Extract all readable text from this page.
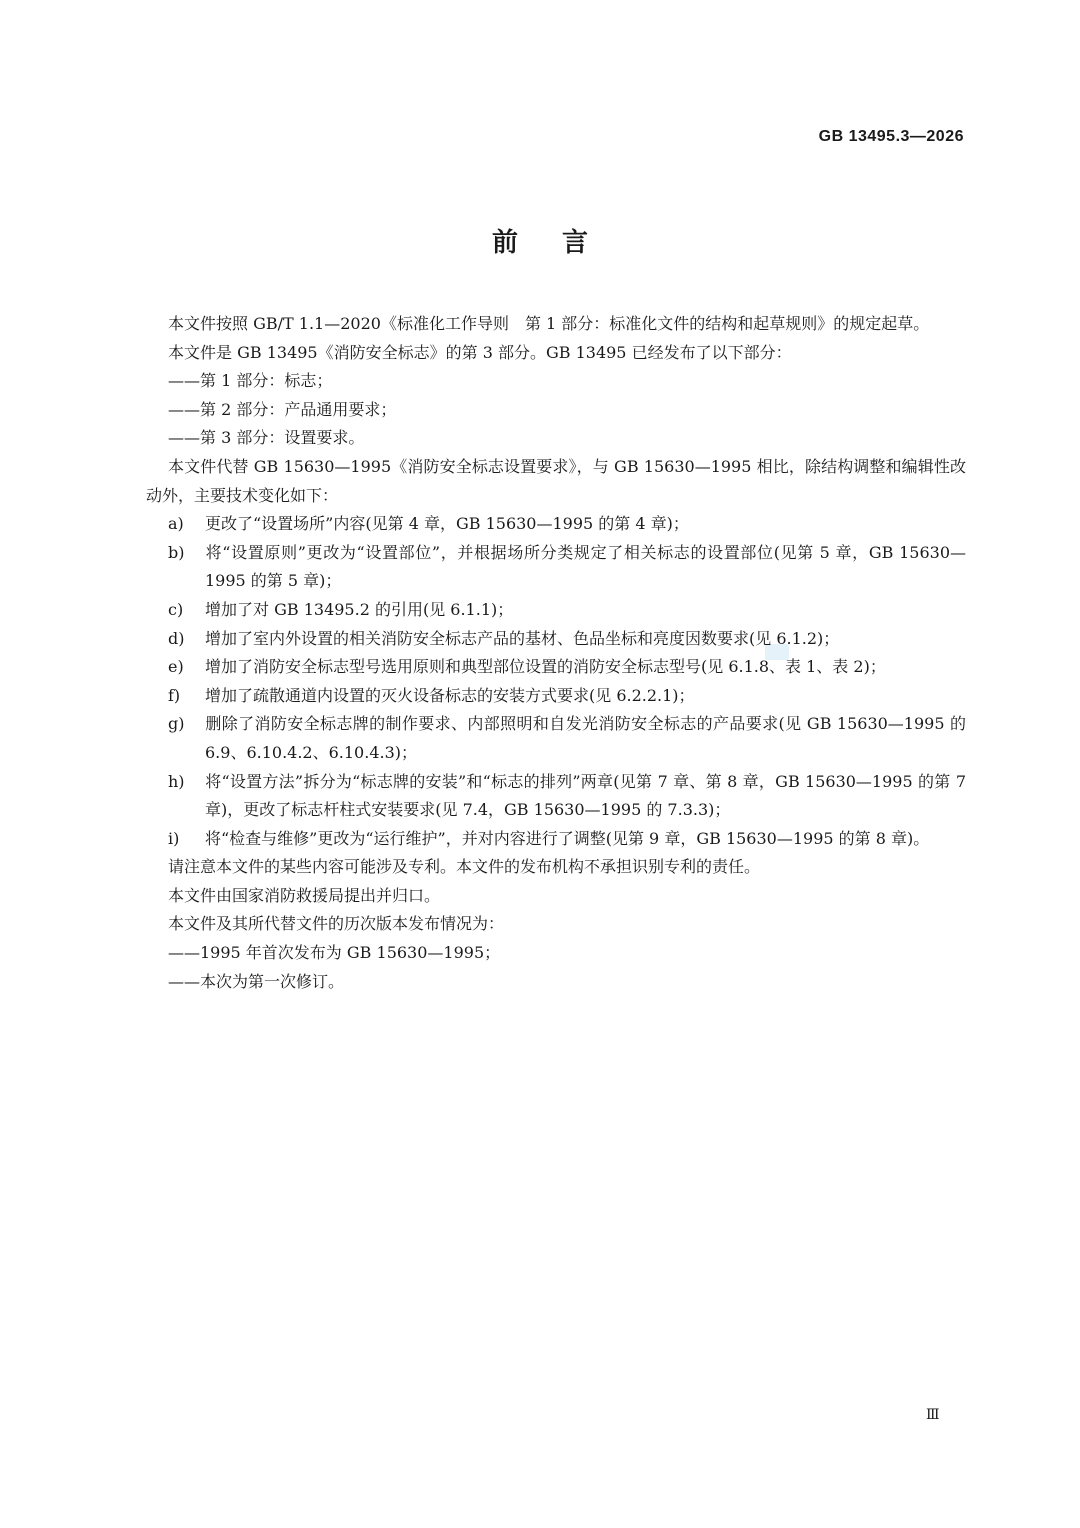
GB 13495.3—2026
前言

本文件按照 GB/T 1.1—2020《标准化工作导则　第 1 部分：标准化文件的结构和起草规则》的规定起草。

本文件是 GB 13495《消防安全标志》的第 3 部分。GB 13495 已经发布了以下部分：

——第 1 部分：标志；

——第 2 部分：产品通用要求；

——第 3 部分：设置要求。

本文件代替 GB 15630—1995《消防安全标志设置要求》，与 GB 15630—1995 相比，除结构调整和编辑性改动外，主要技术变化如下：

a) 更改了“设置场所”内容(见第 4 章，GB 15630—1995 的第 4 章)；

b) 将“设置原则”更改为“设置部位”，并根据场所分类规定了相关标志的设置部位(见第 5 章，GB 15630—1995 的第 5 章)；

c) 增加了对 GB 13495.2 的引用(见 6.1.1)；

d) 增加了室内外设置的相关消防安全标志产品的基材、色品坐标和亮度因数要求(见 6.1.2)；

e) 增加了消防安全标志型号选用原则和典型部位设置的消防安全标志型号(见 6.1.8、表 1、表 2)；

f) 增加了疏散通道内设置的灭火设备标志的安装方式要求(见 6.2.2.1)；

g) 删除了消防安全标志牌的制作要求、内部照明和自发光消防安全标志的产品要求(见 GB 15630—1995 的 6.9、6.10.4.2、6.10.4.3)；

h) 将“设置方法”拆分为“标志牌的安装”和“标志的排列”两章(见第 7 章、第 8 章，GB 15630—1995 的第 7 章)，更改了标志杆柱式安装要求(见 7.4，GB 15630—1995 的 7.3.3)；

i) 将“检查与维修”更改为“运行维护”，并对内容进行了调整(见第 9 章，GB 15630—1995 的第 8 章)。

请注意本文件的某些内容可能涉及专利。本文件的发布机构不承担识别专利的责任。

本文件由国家消防救援局提出并归口。

本文件及其所代替文件的历次版本发布情况为：

——1995 年首次发布为 GB 15630—1995；

——本次为第一次修订。

Ⅲ
